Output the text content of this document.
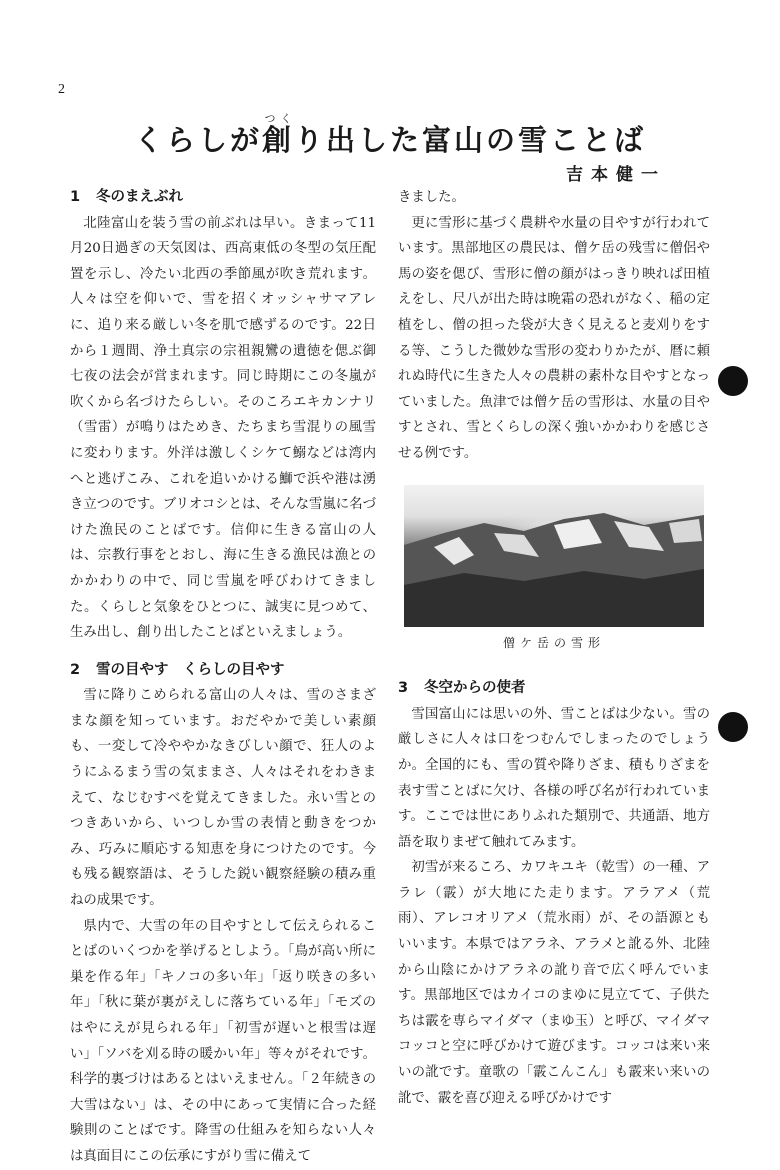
2
くらしが創つくり出した富山の雪ことば
吉本健一
1 冬のまえぶれ

北陸富山を装う雪の前ぶれは早い。きまって11月20日過ぎの天気図は、西高東低の冬型の気圧配置を示し、冷たい北西の季節風が吹き荒れます。人々は空を仰いで、雪を招くオッシャサマアレに、追り来る厳しい冬を肌で感ずるのです。22日から１週間、浄土真宗の宗祖親鸞の遺徳を偲ぶ御七夜の法会が営まれます。同じ時期にこの冬嵐が吹くから名づけたらしい。そのころエキカンナリ（雪雷）が鳴りはためき、たちまち雪混りの風雪に変わります。外洋は激しくシケて鰯などは湾内へと逃げこみ、これを追いかける鰤で浜や港は湧き立つのです。ブリオコシとは、そんな雪嵐に名づけた漁民のことばです。信仰に生きる富山の人は、宗教行事をとおし、海に生きる漁民は漁とのかかわりの中で、同じ雪嵐を呼びわけてきました。くらしと気象をひとつに、誠実に見つめて、生み出し、創り出したことばといえましょう。

2 雪の目やす　くらしの目やす

雪に降りこめられる富山の人々は、雪のさまざまな顔を知っています。おだやかで美しい素顔も、一変して冷ややかなきびしい顔で、狂人のようにふるまう雪の気ままさ、人々はそれをわきまえて、なじむすべを覚えてきました。永い雪とのつきあいから、いつしか雪の表情と動きをつかみ、巧みに順応する知恵を身につけたのです。今も残る観察語は、そうした鋭い観察経験の積み重ねの成果です。

県内で、大雪の年の目やすとして伝えられることばのいくつかを挙げるとしよう。「鳥が高い所に巣を作る年」「キノコの多い年」「返り咲きの多い年」「秋に葉が裏がえしに落ちている年」「モズのはやにえが見られる年」「初雪が遅いと根雪は遅い」「ソバを刈る時の暖かい年」等々がそれです。科学的裏づけはあるとはいえません。「２年続きの大雪はない」は、その中にあって実情に合った経験則のことばです。降雪の仕組みを知らない人々は真面目にこの伝承にすがり雪に備えて

きました。

更に雪形に基づく農耕や水量の目やすが行われています。黒部地区の農民は、僧ケ岳の残雪に僧侶や馬の姿を偲び、雪形に僧の顔がはっきり映れば田植えをし、尺八が出た時は晩霜の恐れがなく、稲の定植をし、僧の担った袋が大きく見えると麦刈りをする等、こうした微妙な雪形の変わりかたが、暦に頼れぬ時代に生きた人々の農耕の素朴な目やすとなっていました。魚津では僧ケ岳の雪形は、水量の目やすとされ、雪とくらしの深く強いかかわりを感じさせる例です。

僧ケ岳の雪形
3 冬空からの使者

雪国富山には思いの外、雪ことばは少ない。雪の厳しさに人々は口をつむんでしまったのでしょうか。全国的にも、雪の質や降りざま、積もりざまを表す雪ことばに欠け、各様の呼び名が行われています。ここでは世にありふれた類別で、共通語、地方語を取りまぜて触れてみます。

初雪が来るころ、カワキユキ（乾雪）の一種、アラレ（霰）が大地にた走ります。アラアメ（荒雨）、アレコオリアメ（荒氷雨）が、その語源ともいいます。本県ではアラネ、アラメと訛る外、北陸から山陰にかけアラネの訛り音で広く呼んでいます。黒部地区ではカイコのまゆに見立てて、子供たちは霰を専らマイダマ（まゆ玉）と呼び、マイダマコッコと空に呼びかけて遊びます。コッコは来い来いの訛です。童歌の「霰こんこん」も霰来い来いの訛で、霰を喜び迎える呼びかけです
